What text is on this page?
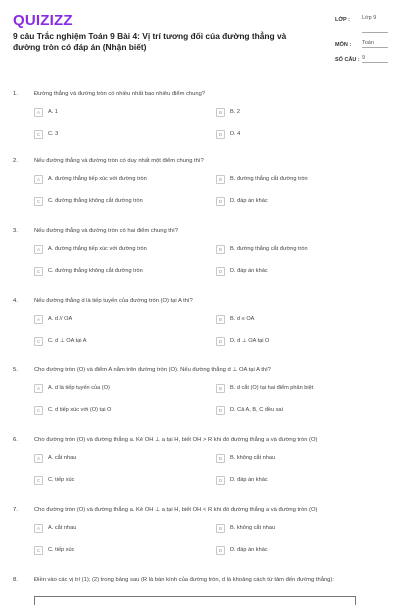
QUIZIZZ
9 câu Trắc nghiệm Toán 9 Bài 4: Vị trí tương đối của đường thẳng và đường tròn có đáp án (Nhận biết)
LỚP : Lớp 9
MÔN : Toán
SỐ CÂU : 9
1.	Đường thẳng và đường tròn có nhiều nhất bao nhiêu điểm chung?
A	A. 1	B	B. 2
C	C. 3	D	D. 4
2.	Nếu đường thẳng và đường tròn có duy nhất một điểm chung thì?
A	A. đường thẳng tiếp xúc với đường tròn	B	B. đường thẳng cắt đường tròn
C	C. đường thẳng không cắt đường tròn	D	D. đáp án khác
3.	Nếu đường thẳng và đường tròn có hai điểm chung thì?
A	A. đường thẳng tiếp xúc với đường tròn	B	B. đường thẳng cắt đường tròn
C	C. đường thẳng không cắt đường tròn	D	D. đáp án khác
4.	Nếu đường thẳng d là tiếp tuyến của đường tròn (O) tại A thì?
A	A. d // OA	B	B. d ≡ OA
C	C. d ⊥ OA tại A	D	D. d ⊥ OA tại O
5.	Cho đường tròn (O) và điểm A nằm trên đường tròn (O). Nếu đường thẳng d ⊥ OA tại A thì?
A	A. d là tiếp tuyến của (O)	B	B. d cắt (O) tại hai điểm phân biệt
C	C. d tiếp xúc với (O) tại O	D	D. Cả A, B, C đều sai
6.	Cho đường tròn (O) và đường thẳng a. Kẻ OH ⊥ a tại H, biết OH > R khi đó đường thẳng a và đường tròn (O)
A	A. cắt nhau	B	B. không cắt nhau
C	C. tiếp xúc	D	D. đáp án khác
7.	Cho đường tròn (O) và đường thẳng a. Kẻ OH ⊥ a tại H, biết OH < R khi đó đường thẳng a và đường tròn (O)
A	A. cắt nhau	B	B. không cắt nhau
C	C. tiếp xúc	D	D. đáp án khác
8.	Điền vào các vị trí (1); (2) trong bảng sau (R là bán kính của đường tròn, d là khoảng cách từ tâm đến đường thẳng):
